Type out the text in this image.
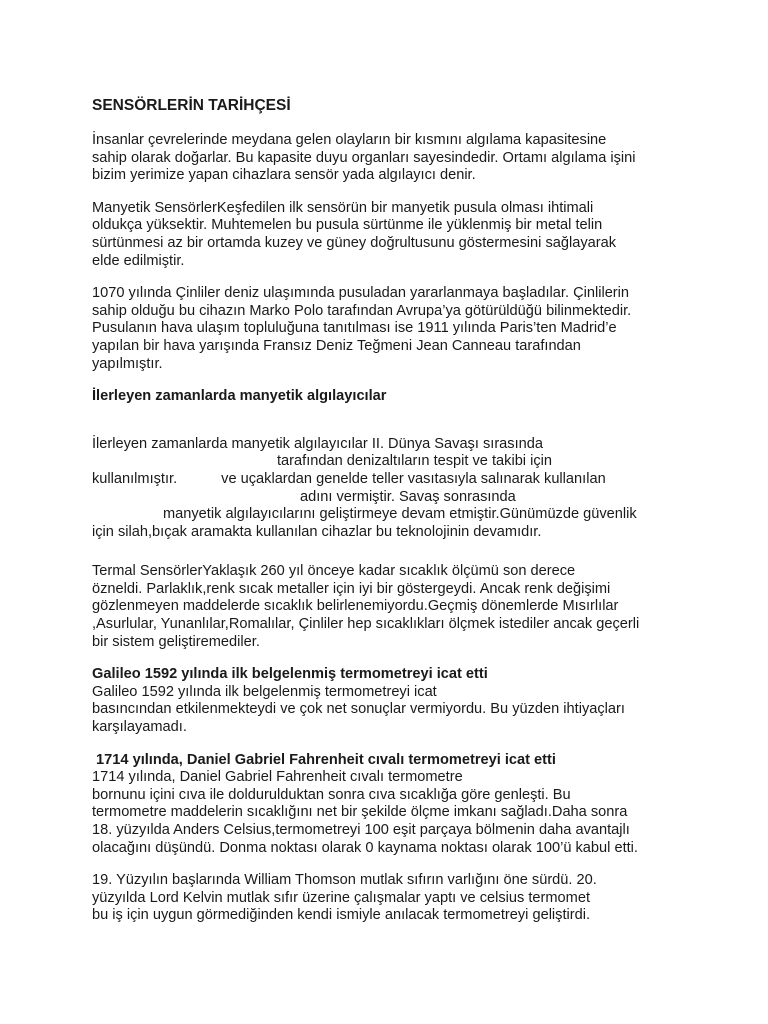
SENSÖRLERİN TARİHÇESİ
İnsanlar çevrelerinde meydana gelen olayların bir kısmını algılama kapasitesine
sahip olarak doğarlar. Bu kapasite duyu organları sayesindedir. Ortamı algılama işini
bizim yerimize yapan cihazlara sensör yada algılayıcı denir.
Manyetik SensörlerKeşfedilen ilk sensörün bir manyetik pusula olması ihtimali
oldukça yüksektir. Muhtemelen bu pusula sürtünme ile yüklenmiş bir metal telin
sürtünmesi az bir ortamda kuzey ve güney doğrultusunu göstermesini sağlayarak
elde edilmiştir.
1070 yılında Çinliler deniz ulaşımında pusuladan yararlanmaya başladılar. Çinlilerin
sahip olduğu bu cihazın Marko Polo tarafından Avrupa’ya götürüldüğü bilinmektedir.
Pusulanın hava ulaşım topluluğuna tanıtılması ise 1911 yılında Paris’ten Madrid’e
yapılan bir hava yarışında Fransız Deniz Teğmeni Jean Canneau tarafından
yapılmıştır.
İlerleyen zamanlarda manyetik algılayıcılar
İlerleyen zamanlarda manyetik algılayıcılar II. Dünya Savaşı sırasında
tarafından denizaltıların tespit ve takibi için
kullanılmıştır.	ve uçaklardan genelde teller vasıtasıyla salınarak kullanılan
adını vermiştir. Savaş sonrasında
manyetik algılayıcılarını geliştirmeye devam etmiştir.Günümüzde güvenlik
için silah,bıçak aramakta kullanılan cihazlar bu teknolojinin devamıdır.
Termal SensörlerYaklaşık 260 yıl önceye kadar sıcaklık ölçümü son derece
özneldi. Parlaklık,renk sıcak metaller için iyi bir göstergeydi. Ancak renk değişimi
gözlenmeyen maddelerde sıcaklık belirlenemiyordu.Geçmiş dönemlerde Mısırlılar
,Asurlular, Yunanlılar,Romalılar, Çinliler hep sıcaklıkları ölçmek istediler ancak geçerli
bir sistem geliştiremediler.
Galileo 1592 yılında ilk belgelenmiş termometreyi icat etti
Galileo 1592 yılında ilk belgelenmiş termometreyi icat
basıncından etkilenmekteydi ve çok net sonuçlar vermiyordu. Bu yüzden ihtiyaçları
karşılayamadı.
1714 yılında, Daniel Gabriel Fahrenheit cıvalı termometreyi icat etti
1714 yılında, Daniel Gabriel Fahrenheit cıvalı termometre
bornunu içini cıva ile doldurulduktan sonra cıva sıcaklığa göre genleşti. Bu
termometre maddelerin sıcaklığını net bir şekilde ölçme imkanı sağladı.Daha sonra
18. yüzyılda Anders Celsius,termometreyi 100 eşit parçaya bölmenin daha avantajlı
olacağını düşündü. Donma noktası olarak 0 kaynama noktası olarak 100’ü kabul etti.
19. Yüzyılın başlarında William Thomson mutlak sıfırın varlığını öne sürdü. 20.
yüzyılda Lord Kelvin mutlak sıfır üzerine çalışmalar yaptı ve celsius termomet
bu iş için uygun görmediğinden kendi ismiyle anılacak termometreyi geliştirdi.
